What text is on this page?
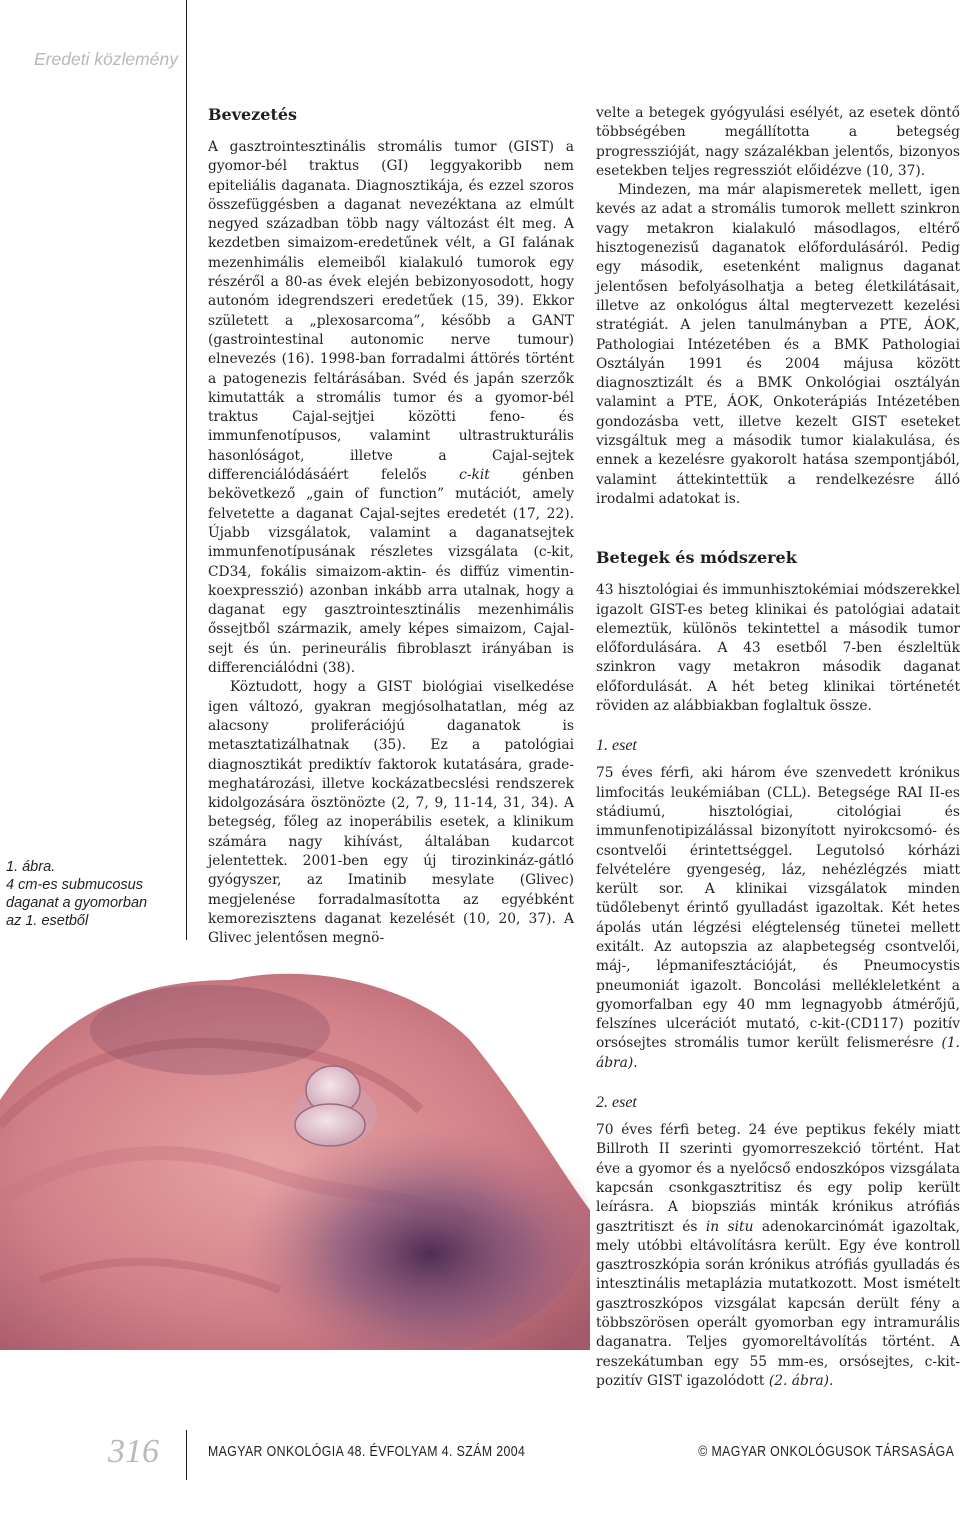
Eredeti közlemény
1. ábra.
4 cm-es submucosus
daganat a gyomorban
az 1. esetből
Bevezetés

A gasztrointesztinális stromális tumor (GIST) a gyomor-bél traktus (GI) leggyakoribb nem epiteliális daganata. Diagnosztikája, és ezzel szoros összefüggésben a daganat nevezéktana az elmúlt negyed században több nagy változást élt meg. A kezdetben simaizom-eredetűnek vélt, a GI falának mezenhimális elemeiből kialakuló tumorok egy részéről a 80-as évek elején bebizonyosodott, hogy autonóm idegrendszeri eredetűek (15, 39). Ekkor született a „plexosarcoma”, később a GANT (gastrointestinal autonomic nerve tumour) elnevezés (16). 1998-ban forradalmi áttörés történt a patogenezis feltárásában. Svéd és japán szerzők kimutatták a stromális tumor és a gyomor-bél traktus Cajal-sejtjei közötti feno- és immunfenotípusos, valamint ultrastrukturális hasonlóságot, illetve a Cajal-sejtek differenciálódásáért felelős c-kit génben bekövetkező „gain of function” mutációt, amely felvetette a daganat Cajal-sejtes eredetét (17, 22). Újabb vizsgálatok, valamint a daganatsejtek immunfenotípusának részletes vizsgálata (c-kit, CD34, fokális simaizom-aktin- és diffúz vimentin-koexpresszió) azonban inkább arra utalnak, hogy a daganat egy gasztrointesztinális mezenhimális őssejtből származik, amely képes simaizom, Cajal-sejt és ún. perineurális fibroblaszt irányában is differenciálódni (38).

Köztudott, hogy a GIST biológiai viselkedése igen változó, gyakran megjósolhatatlan, még az alacsony proliferációjú daganatok is metasztatizálhatnak (35). Ez a patológiai diagnosztikát prediktív faktorok kutatására, grade-meghatározási, illetve kockázatbecslési rendszerek kidolgozására ösztönözte (2, 7, 9, 11-14, 31, 34). A betegség, főleg az inoperábilis esetek, a klinikum számára nagy kihívást, általában kudarcot jelentettek. 2001-ben egy új tirozinkináz-gátló gyógyszer, az Imatinib mesylate (Glivec) megjelenése forradalmasította az egyébként kemorezisztens daganat kezelését (10, 20, 37). A Glivec jelentősen megnö-

velte a betegek gyógyulási esélyét, az esetek döntő többségében megállította a betegség progresszióját, nagy százalékban jelentős, bizonyos esetekben teljes regressziót előidézve (10, 37).

Mindezen, ma már alapismeretek mellett, igen kevés az adat a stromális tumorok mellett szinkron vagy metakron kialakuló másodlagos, eltérő hisztogenezisű daganatok előfordulásáról. Pedig egy második, esetenként malignus daganat jelentősen befolyásolhatja a beteg életkilátásait, illetve az onkológus által megtervezett kezelési stratégiát. A jelen tanulmányban a PTE, ÁOK, Pathologiai Intézetében és a BMK Pathologiai Osztályán 1991 és 2004 májusa között diagnosztizált és a BMK Onkológiai osztályán valamint a PTE, ÁOK, Onkoterápiás Intézetében gondozásba vett, illetve kezelt GIST eseteket vizsgáltuk meg a második tumor kialakulása, és ennek a kezelésre gyakorolt hatása szempontjából, valamint áttekintettük a rendelkezésre álló irodalmi adatokat is.

Betegek és módszerek

43 hisztológiai és immunhisztokémiai módszerekkel igazolt GIST-es beteg klinikai és patológiai adatait elemeztük, különös tekintettel a második tumor előfordulására. A 43 esetből 7-ben észleltük szinkron vagy metakron második daganat előfordulását. A hét beteg klinikai történetét röviden az alábbiakban foglaltuk össze.

1. eset

75 éves férfi, aki három éve szenvedett krónikus limfocitás leukémiában (CLL). Betegsége RAI II-es stádiumú, hisztológiai, citológiai és immunfenotipizálással bizonyított nyirokcsomó- és csontvelői érintettséggel. Legutolsó kórházi felvételére gyengeség, láz, nehézlégzés miatt került sor. A klinikai vizsgálatok minden tüdőlebenyt érintő gyulladást igazoltak. Két hetes ápolás után légzési elégtelenség tünetei mellett exitált. Az autopszia az alapbetegség csontvelői, máj-, lépmanifesztációját, és Pneumocystis pneumoniát igazolt. Boncolási mellékleletként a gyomorfalban egy 40 mm legnagyobb átmérőjű, felszínes ulcerációt mutató, c-kit-(CD117) pozitív orsósejtes stromális tumor került felismerésre (1. ábra).

2. eset

70 éves férfi beteg. 24 éve peptikus fekély miatt Billroth II szerinti gyomorreszekció történt. Hat éve a gyomor és a nyelőcső endoszkópos vizsgálata kapcsán csonkgasztritisz és egy polip került leírásra. A biopsziás minták krónikus atrófiás gasztritiszt és in situ adenokarcinómát igazoltak, mely utóbbi eltávolításra került. Egy éve kontroll gasztroszkópia során krónikus atrófiás gyulladás és intesztinális metaplázia mutatkozott. Most ismételt gasztroszkópos vizsgálat kapcsán derült fény a többszörösen operált gyomorban egy intramurális daganatra. Teljes gyomoreltávolítás történt. A reszekátumban egy 55 mm-es, orsósejtes, c-kit-pozitív GIST igazolódott (2. ábra).

316	MAGYAR ONKOLÓGIA 48. ÉVFOLYAM 4. SZÁM 2004	© MAGYAR ONKOLÓGUSOK TÁRSASÁGA
